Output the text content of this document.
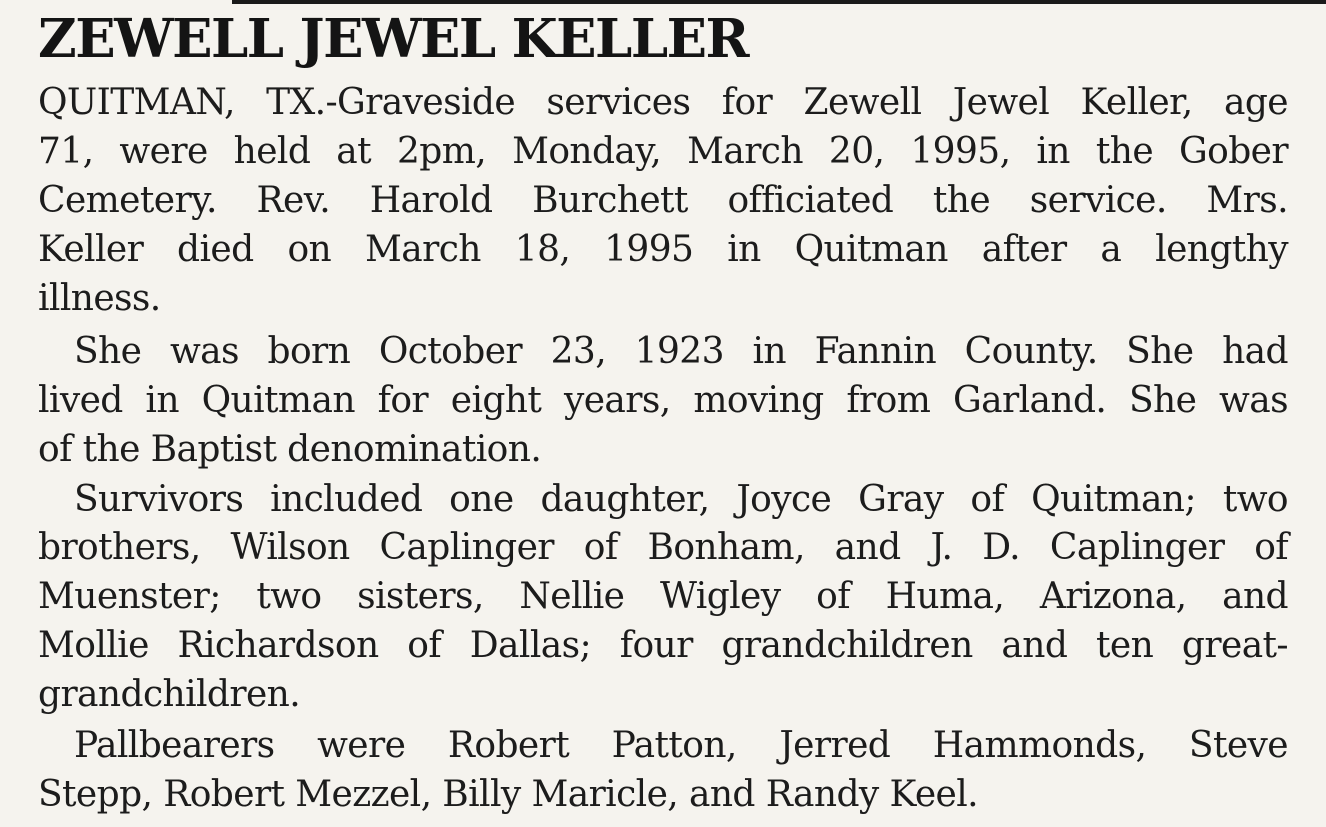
ZEWELL JEWEL KELLER
QUITMAN, TX.-Graveside services for Zewell Jewel Keller, age
71, were held at 2pm, Monday, March 20, 1995, in the Gober
Cemetery. Rev. Harold Burchett officiated the service. Mrs.
Keller died on March 18, 1995 in Quitman after a lengthy
illness.
She was born October 23, 1923 in Fannin County. She had
lived in Quitman for eight years, moving from Garland. She was
of the Baptist denomination.
Survivors included one daughter, Joyce Gray of Quitman; two
brothers, Wilson Caplinger of Bonham, and J. D. Caplinger of
Muenster; two sisters, Nellie Wigley of Huma, Arizona, and
Mollie Richardson of Dallas; four grandchildren and ten great-
grandchildren.
Pallbearers were Robert Patton, Jerred Hammonds, Steve
Stepp, Robert Mezzel, Billy Maricle, and Randy Keel.
